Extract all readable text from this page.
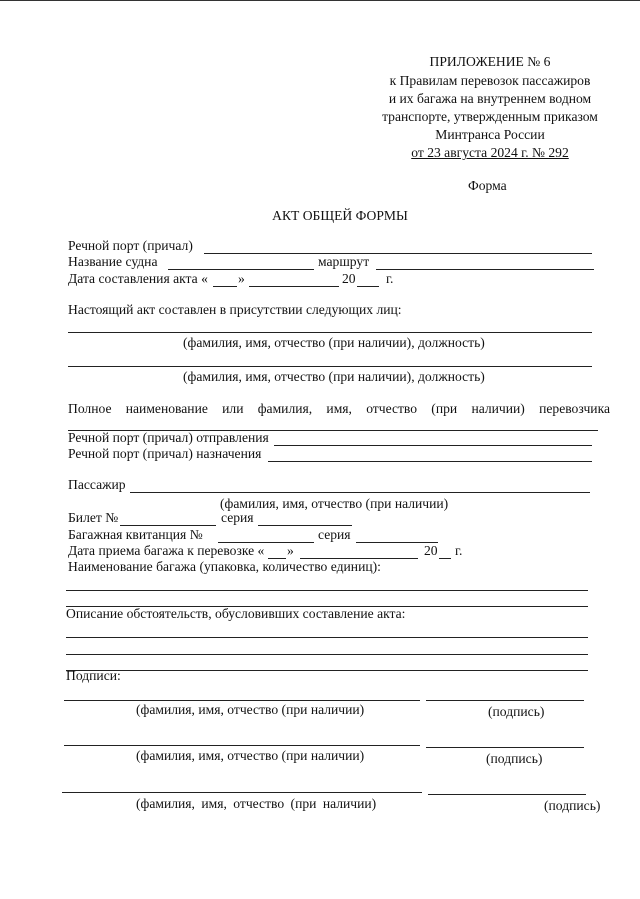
ПРИЛОЖЕНИЕ № 6
к Правилам перевозок пассажиров
и их багажа на внутреннем водном
транспорте, утвержденным приказом
Минтранса России
от 23 августа 2024 г. № 292
Форма
АКТ ОБЩЕЙ ФОРМЫ
Речной порт (причал)
Название судна	маршрут
Дата составления акта « »	20 г.
Настоящий акт составлен в присутствии следующих лиц:
(фамилия, имя, отчество (при наличии), должность)
(фамилия, имя, отчество (при наличии), должность)
Полное наименование или фамилия, имя, отчество (при наличии) перевозчика
Речной порт (причал) отправления
Речной порт (причал) назначения
Пассажир
(фамилия, имя, отчество (при наличии)
Билет №	серия
Багажная квитанция №	серия
Дата приема багажа к перевозке « »	20 г.
Наименование багажа (упаковка, количество единиц):
Описание обстоятельств, обусловивших составление акта:
Подписи:
(фамилия, имя, отчество (при наличии)	(подпись)
(фамилия, имя, отчество (при наличии)	(подпись)
(фамилия, имя, отчество (при наличии)	(подпись)
